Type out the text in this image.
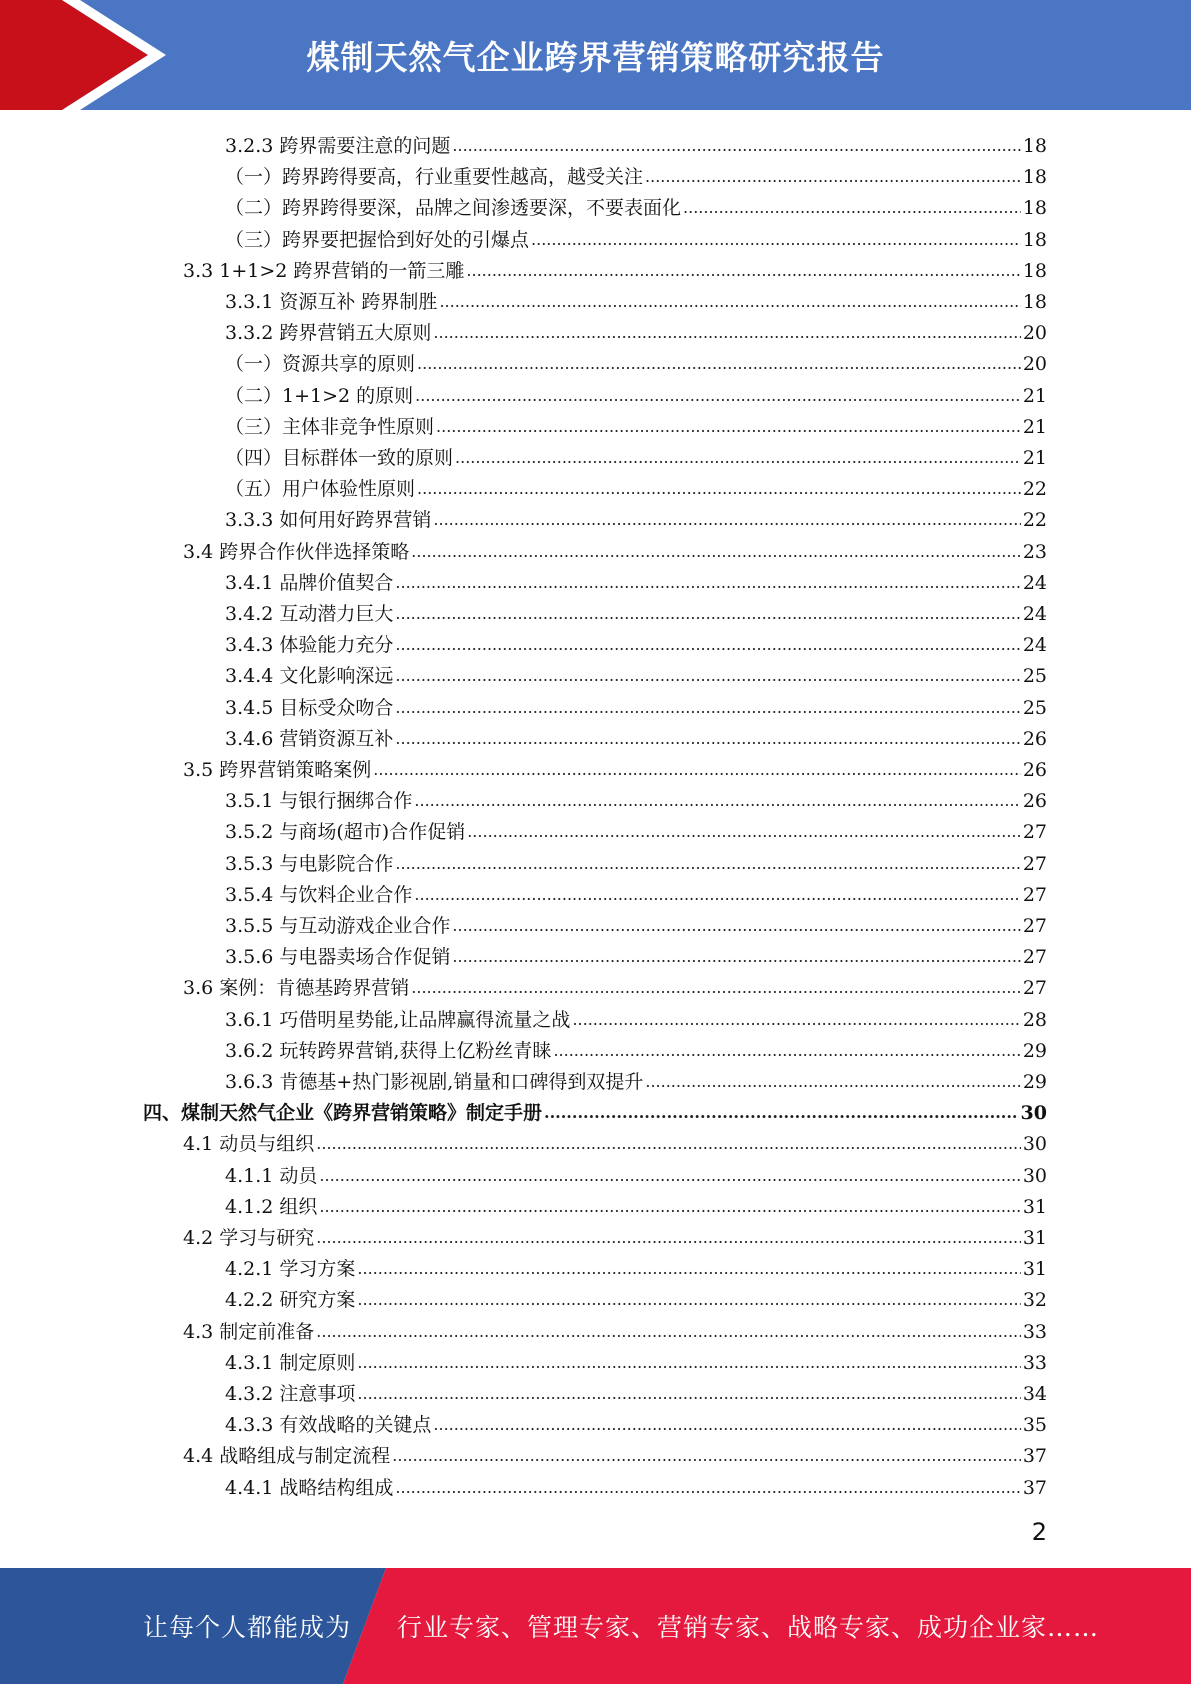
煤制天然气企业跨界营销策略研究报告
3.2.3 跨界需要注意的问题 .....	18
（一）跨界跨得要高，行业重要性越高，越受关注 .....	18
（二）跨界跨得要深，品牌之间渗透要深，不要表面化 .....	18
（三）跨界要把握恰到好处的引爆点 .....	18
3.3 1+1>2 跨界营销的一箭三雕 .....	18
3.3.1 资源互补 跨界制胜 .....	18
3.3.2 跨界营销五大原则 .....	20
（一）资源共享的原则 .....	20
（二）1+1>2 的原则 .....	21
（三）主体非竞争性原则 .....	21
（四）目标群体一致的原则 .....	21
（五）用户体验性原则 .....	22
3.3.3 如何用好跨界营销 .....	22
3.4 跨界合作伙伴选择策略 .....	23
3.4.1 品牌价值契合 .....	24
3.4.2 互动潜力巨大 .....	24
3.4.3 体验能力充分 .....	24
3.4.4 文化影响深远 .....	25
3.4.5 目标受众吻合 .....	25
3.4.6 营销资源互补 .....	26
3.5 跨界营销策略案例 .....	26
3.5.1 与银行捆绑合作 .....	26
3.5.2 与商场(超市)合作促销 .....	27
3.5.3 与电影院合作 .....	27
3.5.4 与饮料企业合作 .....	27
3.5.5 与互动游戏企业合作 .....	27
3.5.6 与电器卖场合作促销 .....	27
3.6 案例：肯德基跨界营销 .....	27
3.6.1 巧借明星势能,让品牌赢得流量之战 .....	28
3.6.2 玩转跨界营销,获得上亿粉丝青睐 .....	29
3.6.3 肯德基+热门影视剧,销量和口碑得到双提升 .....	29
四、煤制天然气企业《跨界营销策略》制定手册 .....	30
4.1 动员与组织 .....	30
4.1.1 动员 .....	30
4.1.2 组织 .....	31
4.2 学习与研究 .....	31
4.2.1 学习方案 .....	31
4.2.2 研究方案 .....	32
4.3 制定前准备 .....	33
4.3.1 制定原则 .....	33
4.3.2 注意事项 .....	34
4.3.3 有效战略的关键点 .....	35
4.4 战略组成与制定流程 .....	37
4.4.1 战略结构组成 .....	37
2
让每个人都能成为 行业专家、管理专家、营销专家、战略专家、成功企业家……
